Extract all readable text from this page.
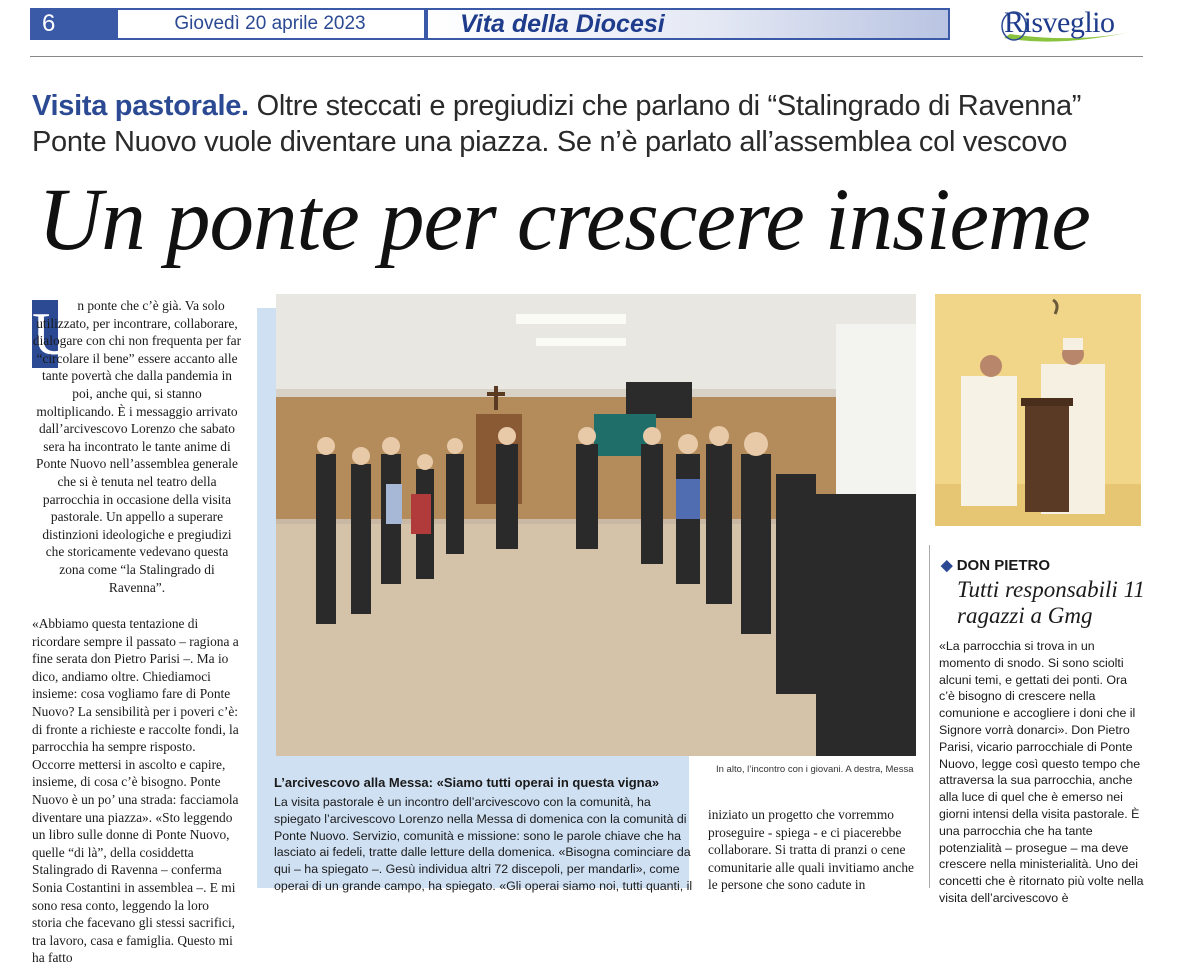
6	Giovedì 20 aprile 2023	Vita della Diocesi	Risveglio
Visita pastorale. Oltre steccati e pregiudizi che parlano di “Stalingrado di Ravenna” Ponte Nuovo vuole diventare una piazza. Se n’è parlato all’assemblea col vescovo
Un ponte per crescere insieme
U n ponte che c’è già. Va solo utilizzato, per incontrare, collaborare, dialogare con chi non frequenta per far “circolare il bene” essere accanto alle tante povertà che dalla pandemia in poi, anche qui, si stanno moltiplicando. È i messaggio arrivato dall’arcivescovo Lorenzo che sabato sera ha incontrato le tante anime di Ponte Nuovo nell’assemblea generale che si è tenuta nel teatro della parrocchia in occasione della visita pastorale. Un appello a superare distinzioni ideologiche e pregiudizi che storicamente vedevano questa zona come “la Stalingrado di Ravenna”.
«Abbiamo questa tentazione di ricordare sempre il passato – ragiona a fine serata don Pietro Parisi –. Ma io dico, andiamo oltre. Chiediamoci insieme: cosa vogliamo fare di Ponte Nuovo? La sensibilità per i poveri c’è: di fronte a richieste e raccolte fondi, la parrocchia ha sempre risposto. Occorre mettersi in ascolto e capire, insieme, di cosa c’è bisogno. Ponte Nuovo è un po’ una strada: facciamola diventare una piazza». «Sto leggendo un libro sulle donne di Ponte Nuovo, quelle “di là”, della cosiddetta Stalingrado di Ravenna – conferma Sonia Costantini in assemblea –. E mi sono resa conto, leggendo la loro storia che facevano gli stessi sacrifici, tra lavoro, casa e famiglia. Questo mi ha fatto
In alto, l’incontro con i giovani. A destra, Messa
L’arcivescovo alla Messa: «Siamo tutti operai in questa vigna»
La visita pastorale è un incontro dell’arcivescovo con la comunità, ha spiegato l’arcivescovo Lorenzo nella Messa di domenica con la comunità di Ponte Nuovo. Servizio, comunità e missione: sono le parole chiave che ha lasciato ai fedeli, tratte dalle letture della domenica. «Bisogna cominciare da qui – ha spiegato –. Gesù individua altri 72 discepoli, per mandarli», come operai di un grande campo, ha spiegato. «Gli operai siamo noi, tutti quanti, il
iniziato un progetto che vorremmo proseguire - spiega - e ci piacerebbe collaborare. Si tratta di pranzi o cene comunitarie alle quali invitiamo anche le persone che sono cadute in
◆ DON PIETRO
Tutti responsabili 11 ragazzi a Gmg
«La parrocchia si trova in un momento di snodo. Si sono sciolti alcuni temi, e gettati dei ponti. Ora c’è bisogno di crescere nella comunione e accogliere i doni che il Signore vorrà donarci». Don Pietro Parisi, vicario parrocchiale di Ponte Nuovo, legge così questo tempo che attraversa la sua parrocchia, anche alla luce di quel che è emerso nei giorni intensi della visita pastorale. È una parrocchia che ha tante potenzialità – prosegue – ma deve crescere nella ministerialità. Uno dei concetti che è ritornato più volte nella visita dell’arcivescovo è
